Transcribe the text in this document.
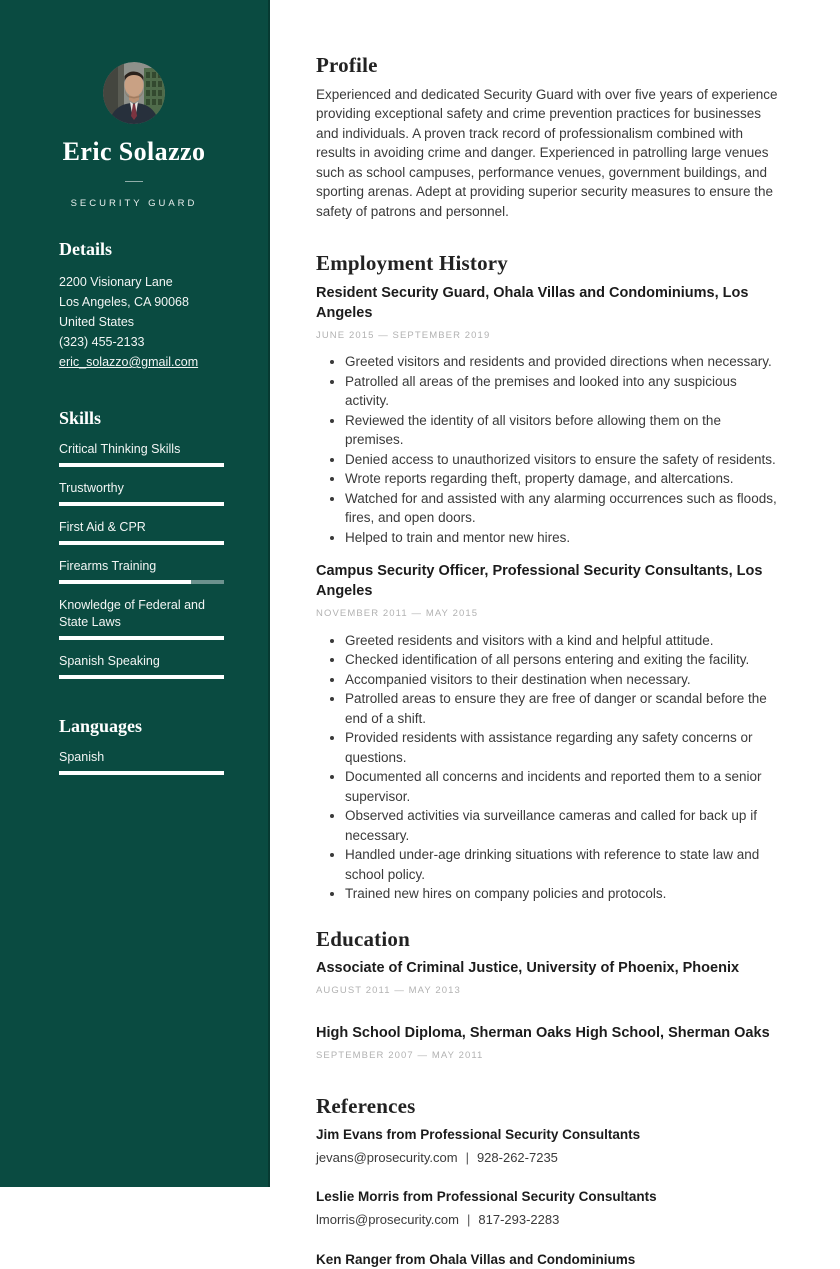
Eric Solazzo
SECURITY GUARD
Details
2200 Visionary Lane
Los Angeles, CA 90068
United States
(323) 455-2133
eric_solazzo@gmail.com
Skills
Critical Thinking Skills
Trustworthy
First Aid & CPR
Firearms Training
Knowledge of Federal and State Laws
Spanish Speaking
Languages
Spanish
Profile

Experienced and dedicated Security Guard with over five years of experience providing exceptional safety and crime prevention practices for businesses and individuals. A proven track record of professionalism combined with results in avoiding crime and danger. Experienced in patrolling large venues such as school campuses, performance venues, government buildings, and sporting arenas. Adept at providing superior security measures to ensure the safety of patrons and personnel.

Employment History
Resident Security Guard, Ohala Villas and Condominiums, Los Angeles
JUNE 2015 — SEPTEMBER 2019
• Greeted visitors and residents and provided directions when necessary.
• Patrolled all areas of the premises and looked into any suspicious activity.
• Reviewed the identity of all visitors before allowing them on the premises.
• Denied access to unauthorized visitors to ensure the safety of residents.
• Wrote reports regarding theft, property damage, and altercations.
• Watched for and assisted with any alarming occurrences such as floods, fires, and open doors.
• Helped to train and mentor new hires.
Campus Security Officer, Professional Security Consultants, Los Angeles
NOVEMBER 2011 — MAY 2015
• Greeted residents and visitors with a kind and helpful attitude.
• Checked identification of all persons entering and exiting the facility.
• Accompanied visitors to their destination when necessary.
• Patrolled areas to ensure they are free of danger or scandal before the end of a shift.
• Provided residents with assistance regarding any safety concerns or questions.
• Documented all concerns and incidents and reported them to a senior supervisor.
• Observed activities via surveillance cameras and called for back up if necessary.
• Handled under-age drinking situations with reference to state law and school policy.
• Trained new hires on company policies and protocols.
Education
Associate of Criminal Justice, University of Phoenix, Phoenix
AUGUST 2011 — MAY 2013
High School Diploma, Sherman Oaks High School, Sherman Oaks
SEPTEMBER 2007 — MAY 2011
References
Jim Evans from Professional Security Consultants
jevans@prosecurity.com | 928-262-7235
Leslie Morris from Professional Security Consultants
lmorris@prosecurity.com | 817-293-2283
Ken Ranger from Ohala Villas and Condominiums
